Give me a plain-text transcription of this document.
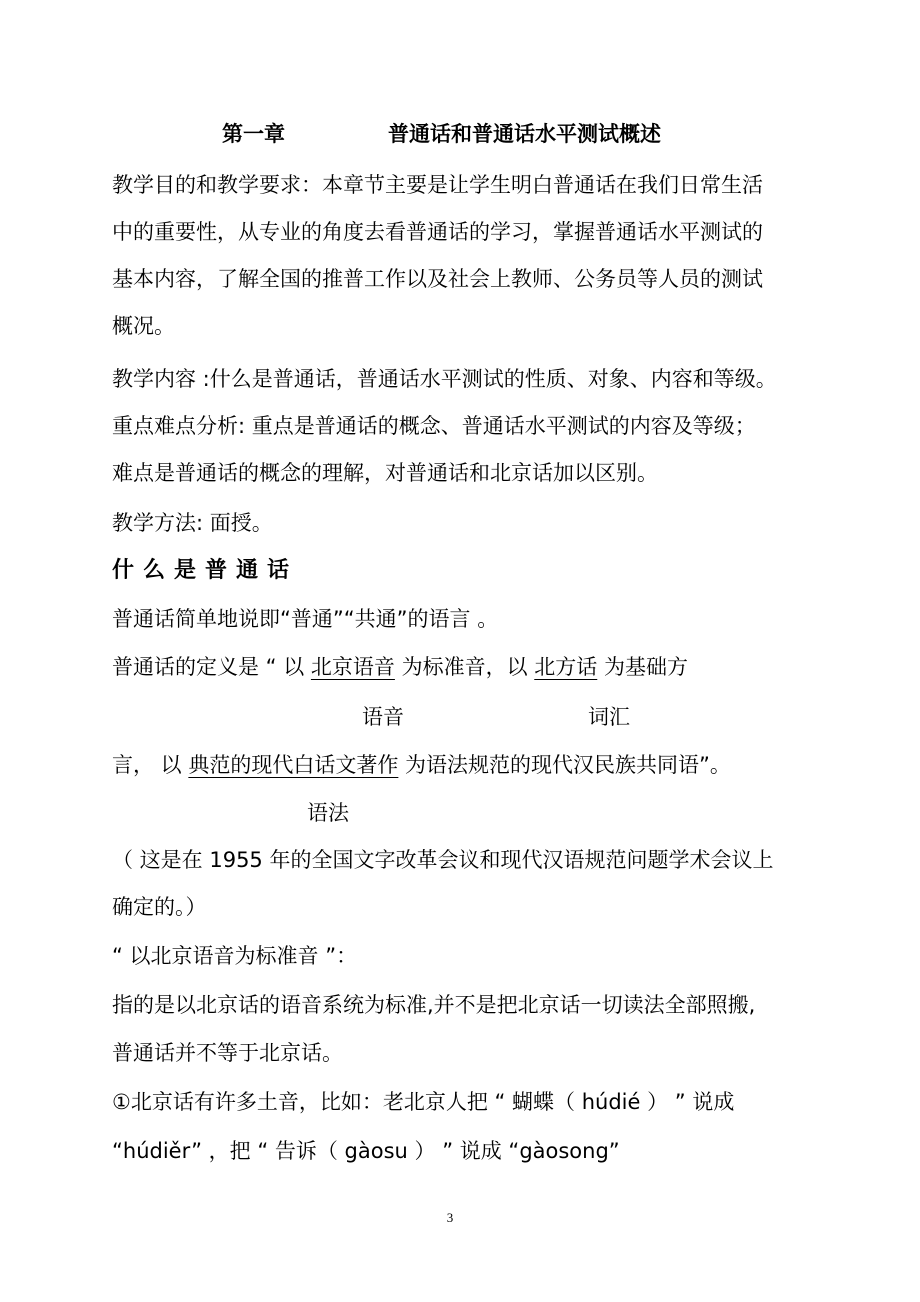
第一章	普通话和普通话水平测试概述
教学目的和教学要求：本章节主要是让学生明白普通话在我们日常生活
中的重要性，从专业的角度去看普通话的学习，掌握普通话水平测试的
基本内容，了解全国的推普工作以及社会上教师、公务员等人员的测试
概况。
教学内容 :什么是普通话，普通话水平测试的性质、对象、内容和等级。
重点难点分析: 重点是普通话的概念、普通话水平测试的内容及等级；
难点是普通话的概念的理解，对普通话和北京话加以区别。
教学方法: 面授。
什么是普通话
普通话简单地说即“普通”“共通”的语言 。
普通话的定义是 “ 以 北京语音 为标准音，以 北方话 为基础方
语音	词汇
言， 以 典范的现代白话文著作 为语法规范的现代汉民族共同语”。
语法
（ 这是在 1955 年的全国文字改革会议和现代汉语规范问题学术会议上
确定的。）
“ 以北京语音为标准音 ”：
指的是以北京话的语音系统为标准,并不是把北京话一切读法全部照搬,
普通话并不等于北京话。
①北京话有许多土音，比如：老北京人把 “ 蝴蝶（ húdié ） ” 说成
“húdiěr” ，把 “ 告诉（ gàosu ） ” 说成 “gàosong”
3
